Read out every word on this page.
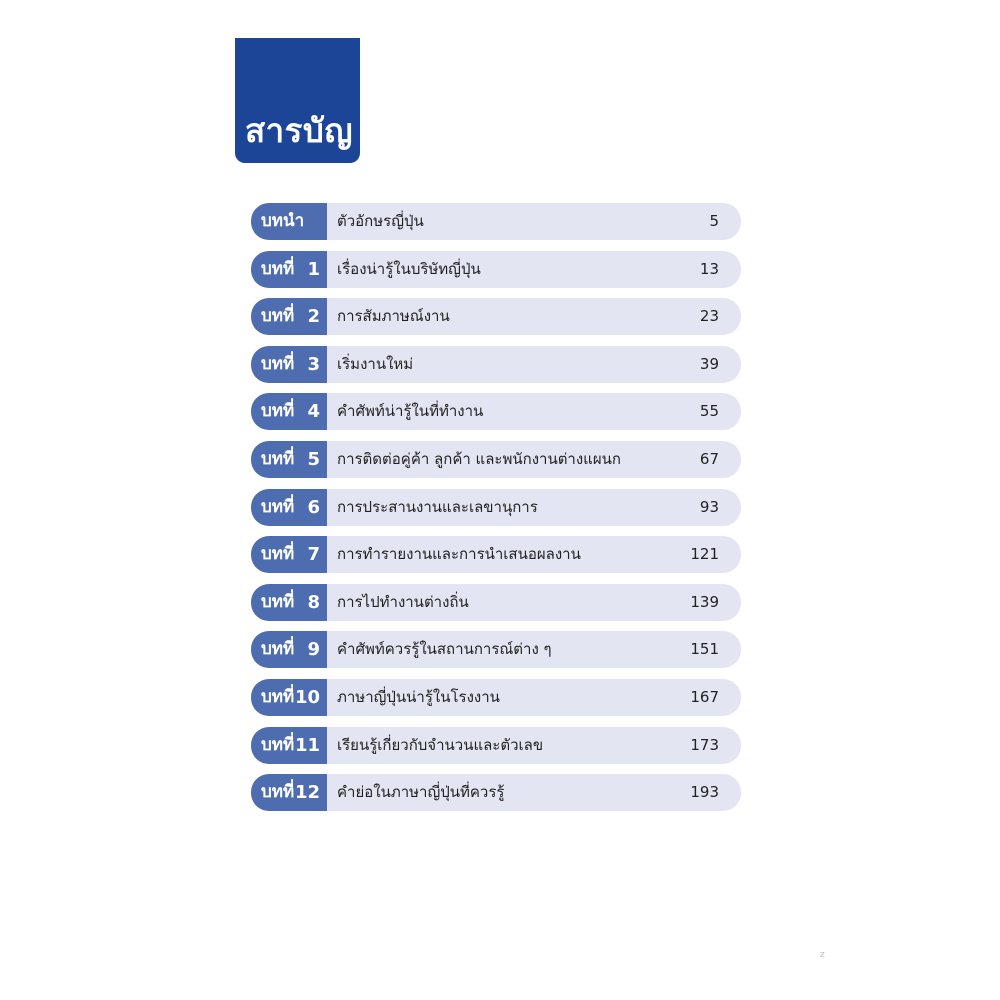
สารบัญ
บทนำ	ตัวอักษรญี่ปุ่น	5
บทที่ 1 เรื่องน่ารู้ในบริษัทญี่ปุ่น	13
บทที่ 2 การสัมภาษณ์งาน	23
บทที่ 3 เริ่มงานใหม่	39
บทที่ 4 คำศัพท์น่ารู้ในที่ทำงาน	55
บทที่ 5 การติดต่อคู่ค้า ลูกค้า และพนักงานต่างแผนก	67
บทที่ 6 การประสานงานและเลขานุการ	93
บทที่ 7 การทำรายงานและการนำเสนอผลงาน	121
บทที่ 8 การไปทำงานต่างถิ่น	139
บทที่ 9 คำศัพท์ควรรู้ในสถานการณ์ต่าง ๆ	151
บทที่ 10 ภาษาญี่ปุ่นน่ารู้ในโรงงาน	167
บทที่ 11 เรียนรู้เกี่ยวกับจำนวนและตัวเลข	173
บทที่ 12 คำย่อในภาษาญี่ปุ่นที่ควรรู้	193
z
